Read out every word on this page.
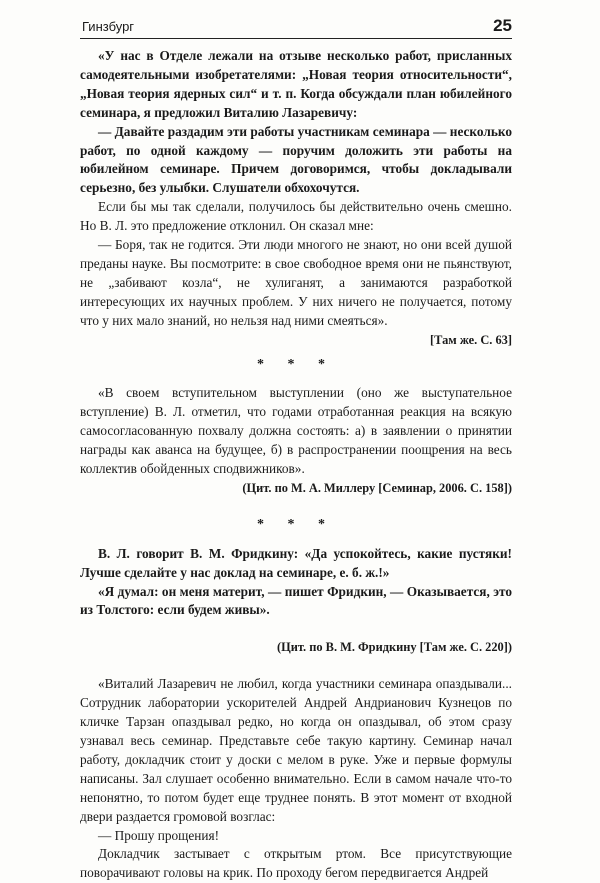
Гинзбург	25

«У нас в Отделе лежали на отзыве несколько работ, присланных самодеятельными изобретателями: „Новая теория относительности“, „Новая теория ядерных сил“ и т. п. Когда обсуждали план юбилейного семинара, я предложил Виталию Лазаревичу:

— Давайте раздадим эти работы участникам семинара — несколько работ, по одной каждому — поручим доложить эти работы на юбилейном семинаре. Причем договоримся, чтобы докладывали серьезно, без улыбки. Слушатели обхохочутся.

Если бы мы так сделали, получилось бы действительно очень смешно. Но В. Л. это предложение отклонил. Он сказал мне:

— Боря, так не годится. Эти люди многого не знают, но они всей душой преданы науке. Вы посмотрите: в свое свободное время они не пьянствуют, не „забивают козла“, не хулиганят, а занимаются разработкой интересующих их научных проблем. У них ничего не получается, потому что у них мало знаний, но нельзя над ними смеяться».

[Там же. С. 63]

* * *

«В своем вступительном выступлении (оно же выступательное вступление) В. Л. отметил, что годами отработанная реакция на всякую самосогласованную похвалу должна состоять: а) в заявлении о принятии награды как аванса на будущее, б) в распространении поощрения на весь коллектив обойденных сподвижников».

(Цит. по М. А. Миллеру [Семинар, 2006. С. 158])

* * *

В. Л. говорит В. М. Фридкину: «Да успокойтесь, какие пустяки! Лучше сделайте у нас доклад на семинаре, е. б. ж.!»

«Я думал: он меня материт, — пишет Фридкин, — Оказывается, это из Толстого: если будем живы».

(Цит. по В. М. Фридкину [Там же. С. 220])

«Виталий Лазаревич не любил, когда участники семинара опаздывали... Сотрудник лаборатории ускорителей Андрей Андрианович Кузнецов по кличке Тарзан опаздывал редко, но когда он опаздывал, об этом сразу узнавал весь семинар. Представьте себе такую картину. Семинар начал работу, докладчик стоит у доски с мелом в руке. Уже и первые формулы написаны. Зал слушает особенно внимательно. Если в самом начале что-то непонятно, то потом будет еще труднее понять. В этот момент от входной двери раздается громовой возглас:

— Прошу прощения!

Докладчик застывает с открытым ртом. Все присутствующие поворачивают головы на крик. По проходу бегом передвигается Андрей
